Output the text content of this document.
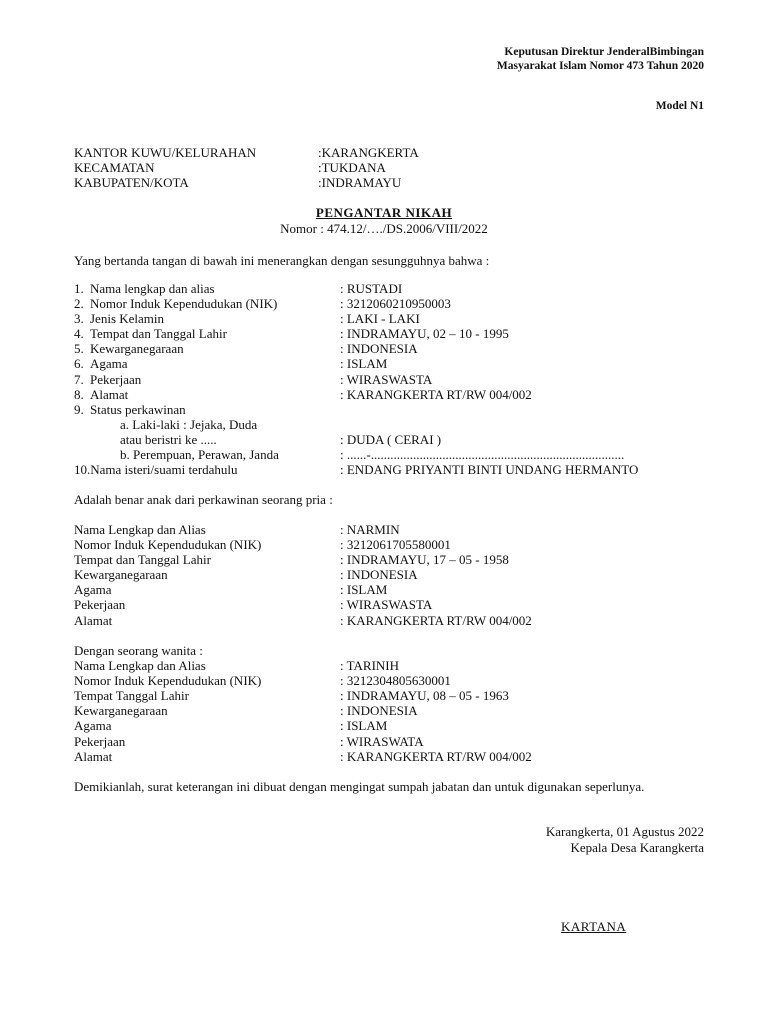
Keputusan Direktur JenderalBimbingan
Masyarakat Islam Nomor 473 Tahun 2020
Model N1
KANTOR KUWU/KELURAHAN	:KARANGKERTA
KECAMATAN	:TUKDANA
KABUPATEN/KOTA	:INDRAMAYU
PENGANTAR NIKAH
Nomor : 474.12/…./DS.2006/VIII/2022
Yang bertanda tangan di bawah ini menerangkan dengan sesungguhnya bahwa :
1. Nama lengkap dan alias	: RUSTADI
2. Nomor Induk Kependudukan (NIK)	: 3212060210950003
3. Jenis Kelamin	: LAKI - LAKI
4. Tempat dan Tanggal Lahir	: INDRAMAYU, 02 – 10 - 1995
5. Kewarganegaraan	: INDONESIA
6. Agama	: ISLAM
7. Pekerjaan	: WIRASWASTA
8. Alamat	: KARANGKERTA RT/RW 004/002
9. Status perkawinan
a. Laki-laki : Jejaka, Duda
atau beristri ke .....	: DUDA ( CERAI )
b. Perempuan, Perawan, Janda	: ......-..............................................................................
10.Nama isteri/suami terdahulu	: ENDANG PRIYANTI BINTI UNDANG HERMANTO
Adalah benar anak dari perkawinan seorang pria :
Nama Lengkap dan Alias	: NARMIN
Nomor Induk Kependudukan (NIK)	: 3212061705580001
Tempat dan Tanggal Lahir	: INDRAMAYU, 17 – 05 - 1958
Kewarganegaraan	: INDONESIA
Agama	: ISLAM
Pekerjaan	: WIRASWASTA
Alamat	: KARANGKERTA RT/RW 004/002
Dengan seorang wanita :
Nama Lengkap dan Alias	: TARINIH
Nomor Induk Kependudukan (NIK)	: 3212304805630001
Tempat Tanggal Lahir	: INDRAMAYU, 08 – 05 - 1963
Kewarganegaraan	: INDONESIA
Agama	: ISLAM
Pekerjaan	: WIRASWATA
Alamat	: KARANGKERTA RT/RW 004/002
Demikianlah, surat keterangan ini dibuat dengan mengingat sumpah jabatan dan untuk digunakan seperlunya.
Karangkerta, 01 Agustus 2022
Kepala Desa Karangkerta
KARTANA
